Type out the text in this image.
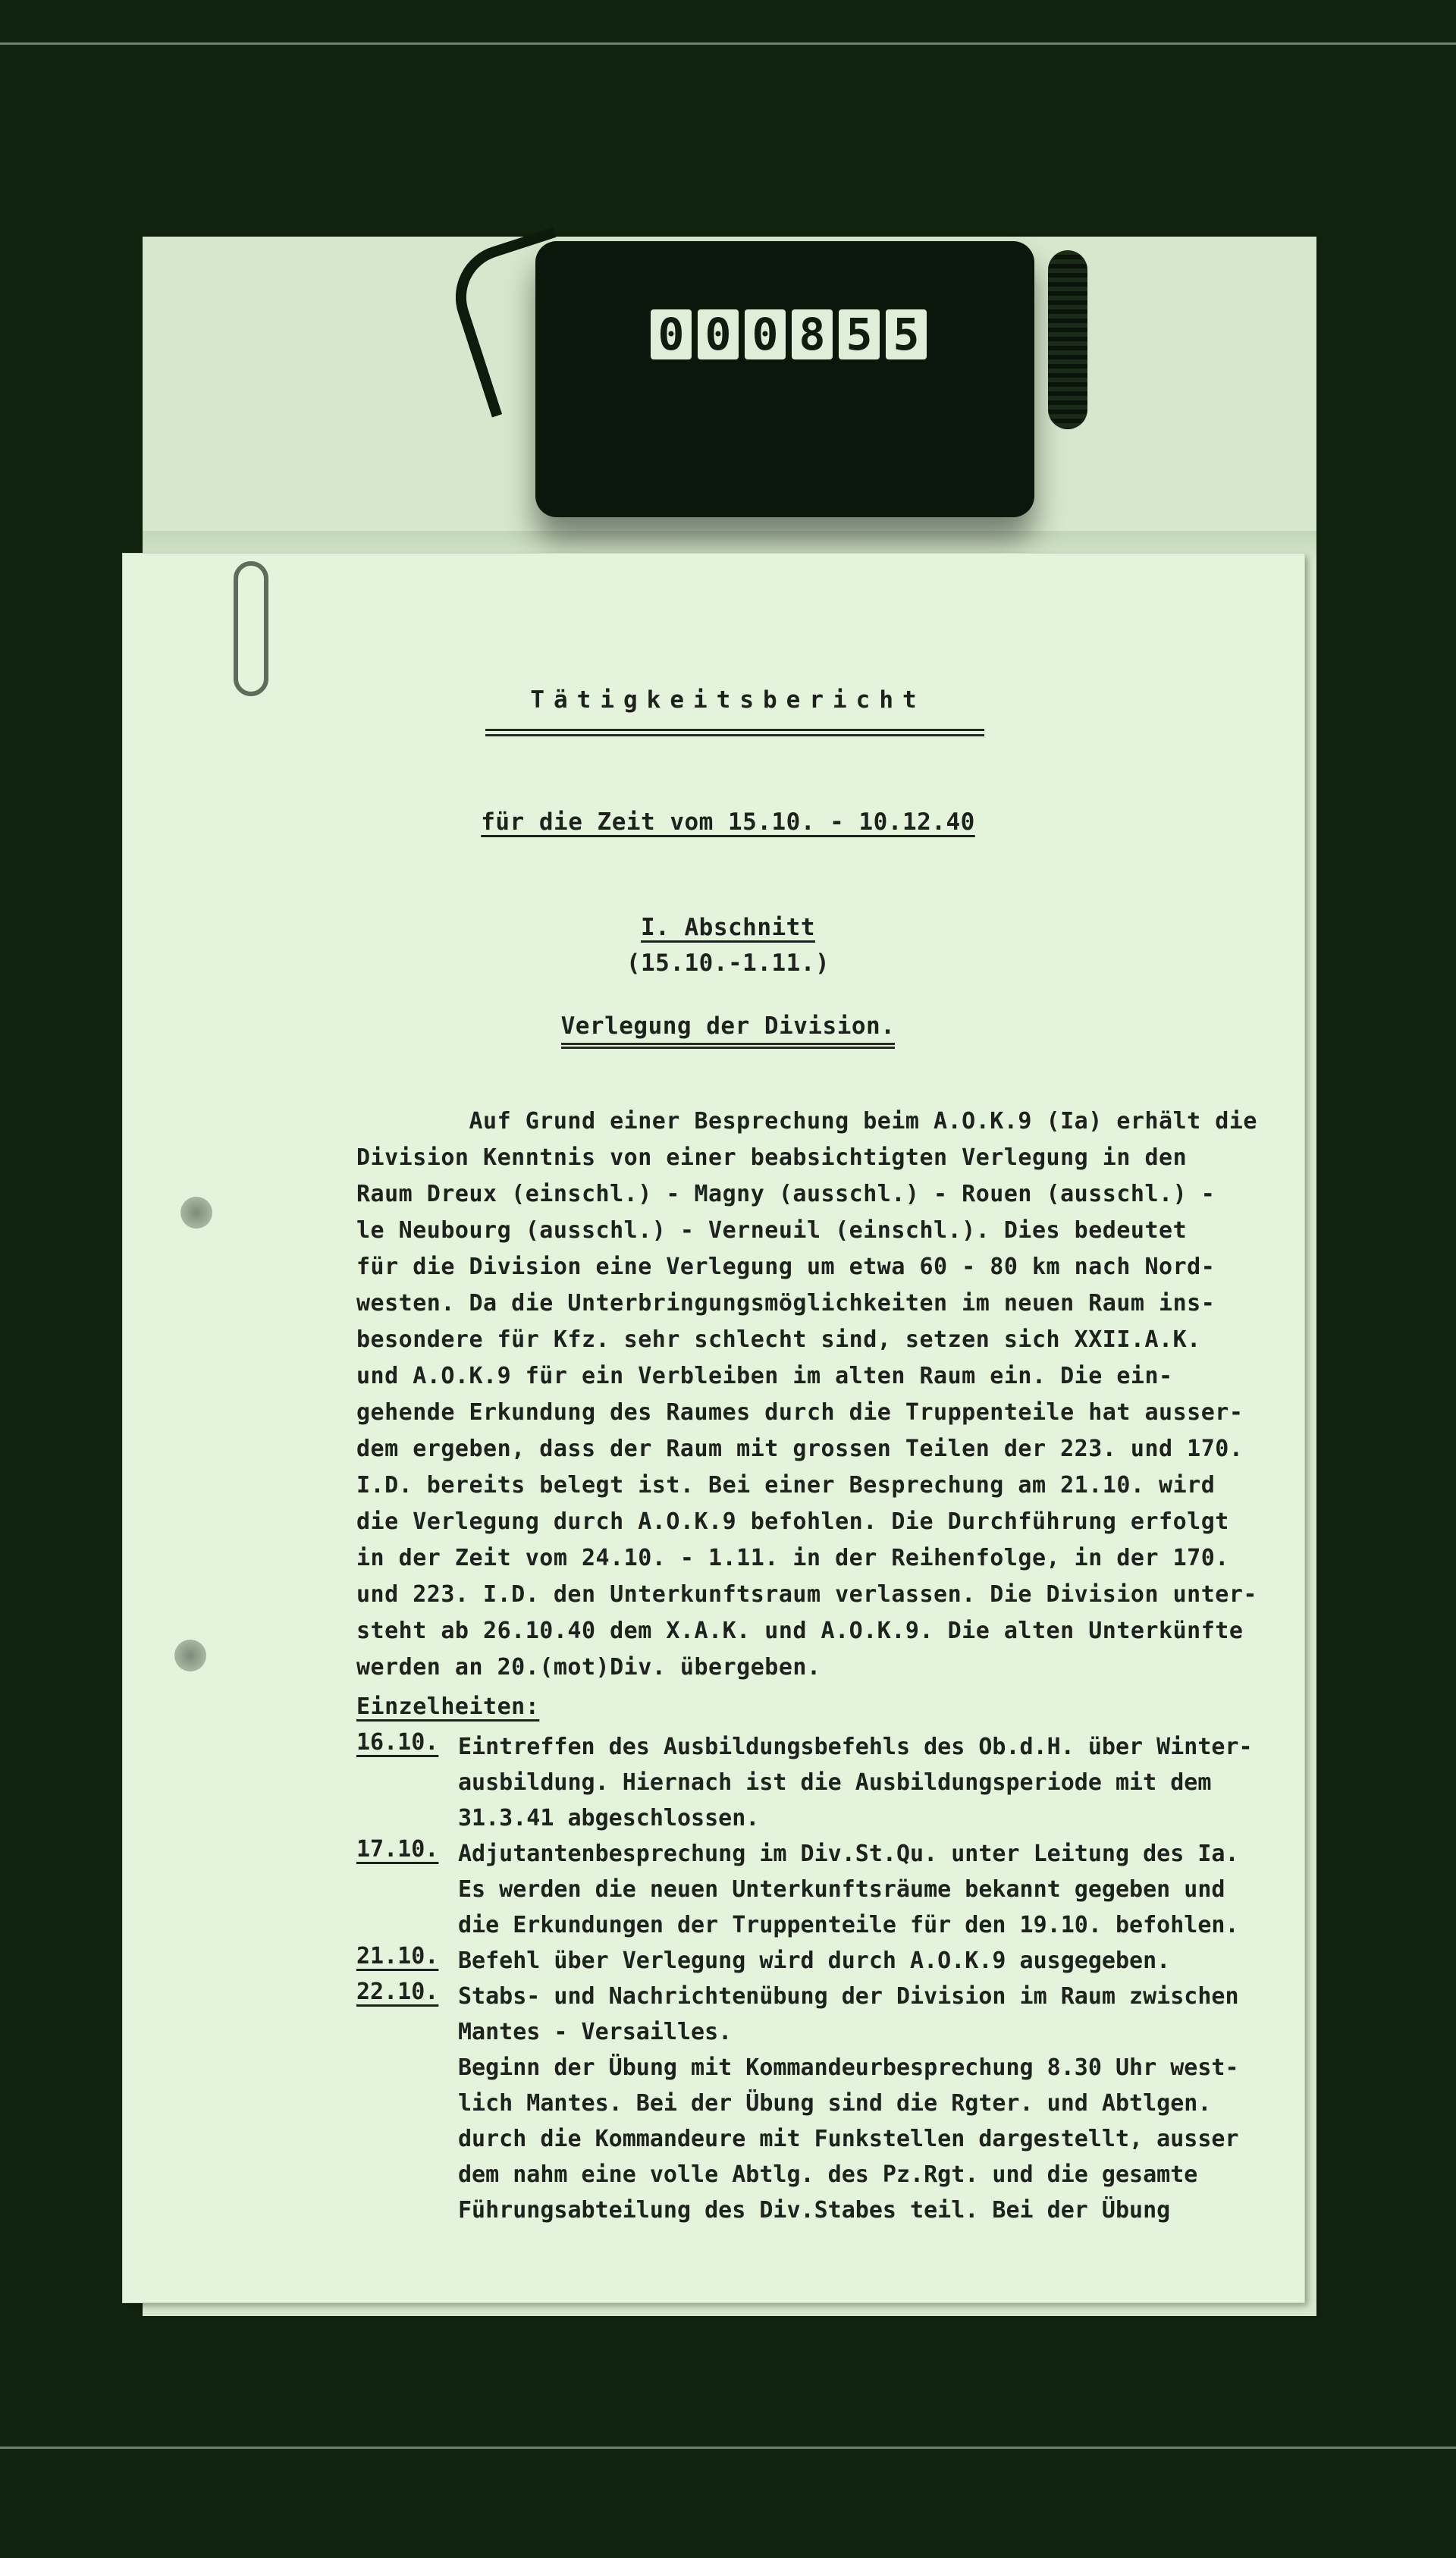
0 0 0 8 5 5
Tätigkeitsbericht
für die Zeit vom 15.10. - 10.12.40
I. Abschnitt
(15.10.-1.11.)
Verlegung der Division.
Auf Grund einer Besprechung beim A.O.K.9 (Ia) erhält die
Division Kenntnis von einer beabsichtigten Verlegung in den
Raum Dreux (einschl.) - Magny (ausschl.) - Rouen (ausschl.) -
le Neubourg (ausschl.) - Verneuil (einschl.). Dies bedeutet
für die Division eine Verlegung um etwa 60 - 80 km nach Nord-
westen. Da die Unterbringungsmöglichkeiten im neuen Raum ins-
besondere für Kfz. sehr schlecht sind, setzen sich XXII.A.K.
und A.O.K.9 für ein Verbleiben im alten Raum ein. Die ein-
gehende Erkundung des Raumes durch die Truppenteile hat ausser-
dem ergeben, dass der Raum mit grossen Teilen der 223. und 170.
I.D. bereits belegt ist. Bei einer Besprechung am 21.10. wird
die Verlegung durch A.O.K.9 befohlen. Die Durchführung erfolgt
in der Zeit vom 24.10. - 1.11. in der Reihenfolge, in der 170.
und 223. I.D. den Unterkunftsraum verlassen. Die Division unter-
steht ab 26.10.40 dem X.A.K. und A.O.K.9. Die alten Unterkünfte
werden an 20.(mot)Div. übergeben.
Einzelheiten:
16.10. Eintreffen des Ausbildungsbefehls des Ob.d.H. über Winter-
ausbildung. Hiernach ist die Ausbildungsperiode mit dem
31.3.41 abgeschlossen.
17.10. Adjutantenbesprechung im Div.St.Qu. unter Leitung des Ia.
Es werden die neuen Unterkunftsräume bekannt gegeben und
die Erkundungen der Truppenteile für den 19.10. befohlen.
21.10. Befehl über Verlegung wird durch A.O.K.9 ausgegeben.
22.10. Stabs- und Nachrichtenübung der Division im Raum zwischen
Mantes - Versailles.
Beginn der Übung mit Kommandeurbesprechung 8.30 Uhr west-
lich Mantes. Bei der Übung sind die Rgter. und Abtlgen.
durch die Kommandeure mit Funkstellen dargestellt, ausser
dem nahm eine volle Abtlg. des Pz.Rgt. und die gesamte
Führungsabteilung des Div.Stabes teil. Bei der Übung
